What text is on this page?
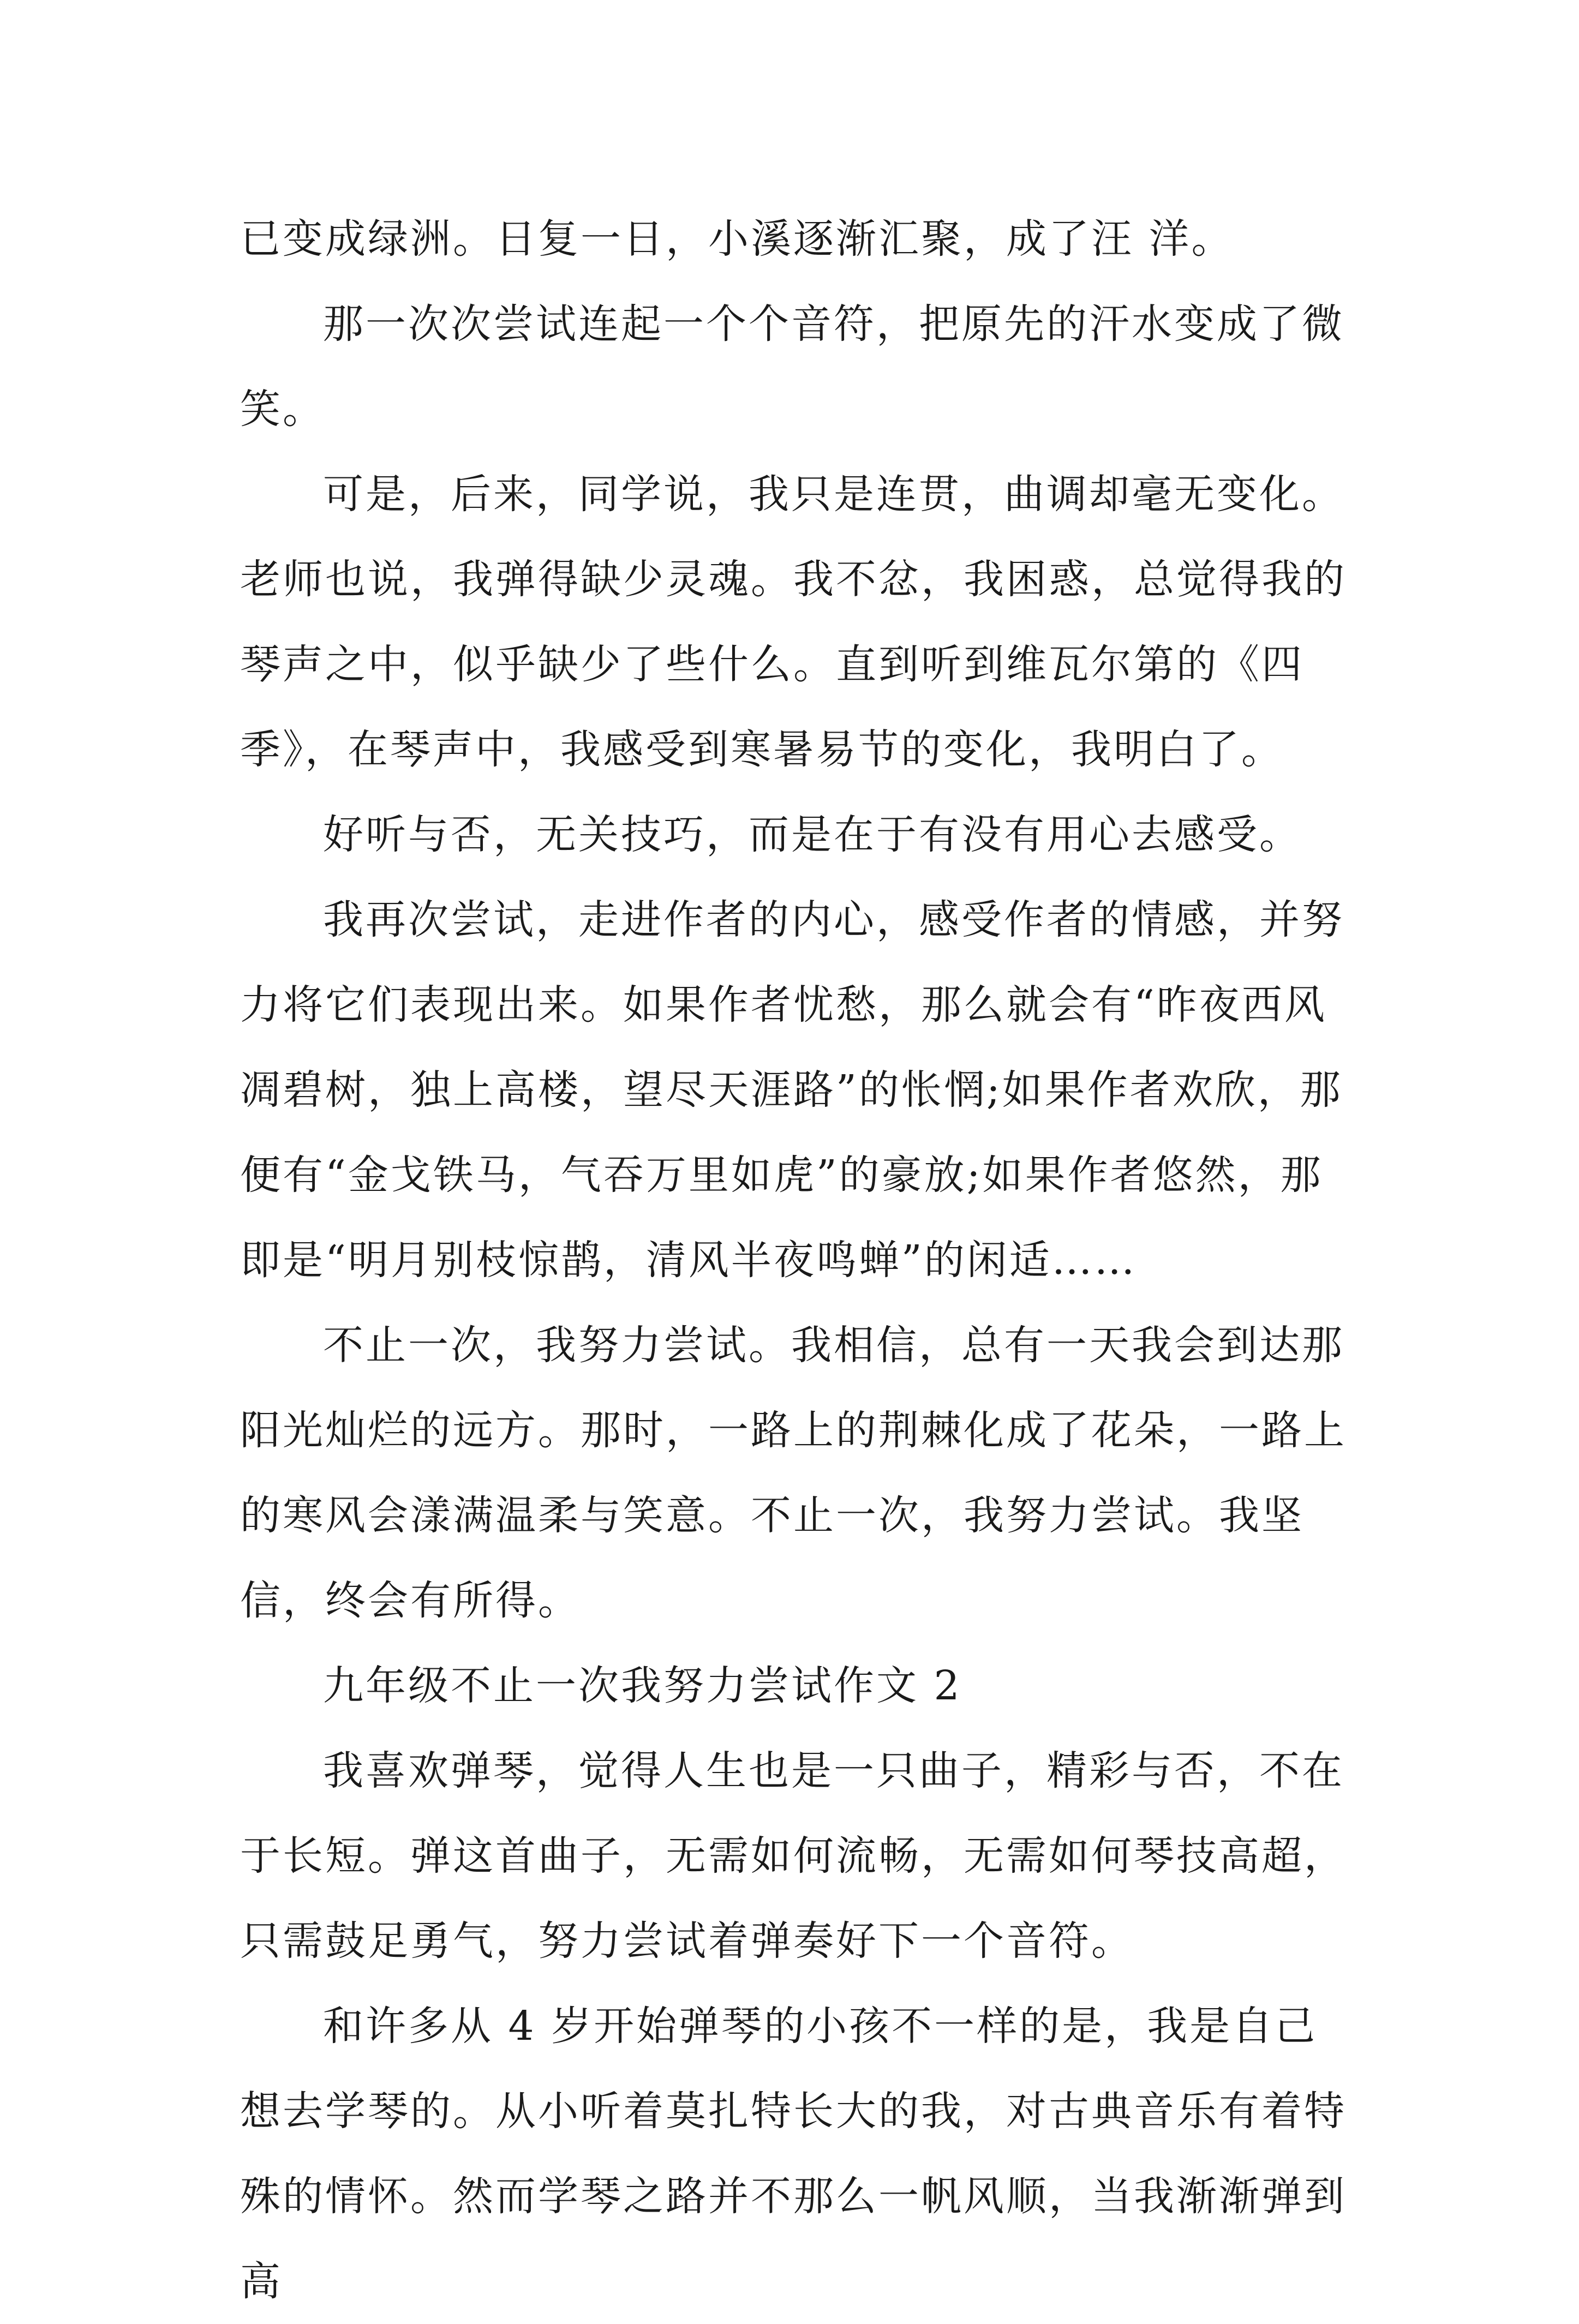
已变成绿洲。日复一日，小溪逐渐汇聚，成了汪 洋。

那一次次尝试连起一个个音符，把原先的汗水变成了微笑。

可是，后来，同学说，我只是连贯，曲调却毫无变化。老师也说，我弹得缺少灵魂。我不忿，我困惑，总觉得我的琴声之中，似乎缺少了些什么。直到听到维瓦尔第的《四季》，在琴声中，我感受到寒暑易节的变化，我明白了。

好听与否，无关技巧，而是在于有没有用心去感受。

我再次尝试，走进作者的内心，感受作者的情感，并努力将它们表现出来。如果作者忧愁，那么就会有“昨夜西风凋碧树，独上高楼，望尽天涯路”的怅惘;如果作者欢欣，那便有“金戈铁马，气吞万里如虎”的豪放;如果作者悠然，那即是“明月别枝惊鹊，清风半夜鸣蝉”的闲适……

不止一次，我努力尝试。我相信，总有一天我会到达那阳光灿烂的远方。那时，一路上的荆棘化成了花朵，一路上的寒风会漾满温柔与笑意。不止一次，我努力尝试。我坚信，终会有所得。

九年级不止一次我努力尝试作文 2

我喜欢弹琴，觉得人生也是一只曲子，精彩与否，不在于长短。弹这首曲子，无需如何流畅，无需如何琴技高超，只需鼓足勇气，努力尝试着弹奏好下一个音符。

和许多从 4 岁开始弹琴的小孩不一样的是，我是自己想去学琴的。从小听着莫扎特长大的我，对古典音乐有着特殊的情怀。然而学琴之路并不那么一帆风顺，当我渐渐弹到高
